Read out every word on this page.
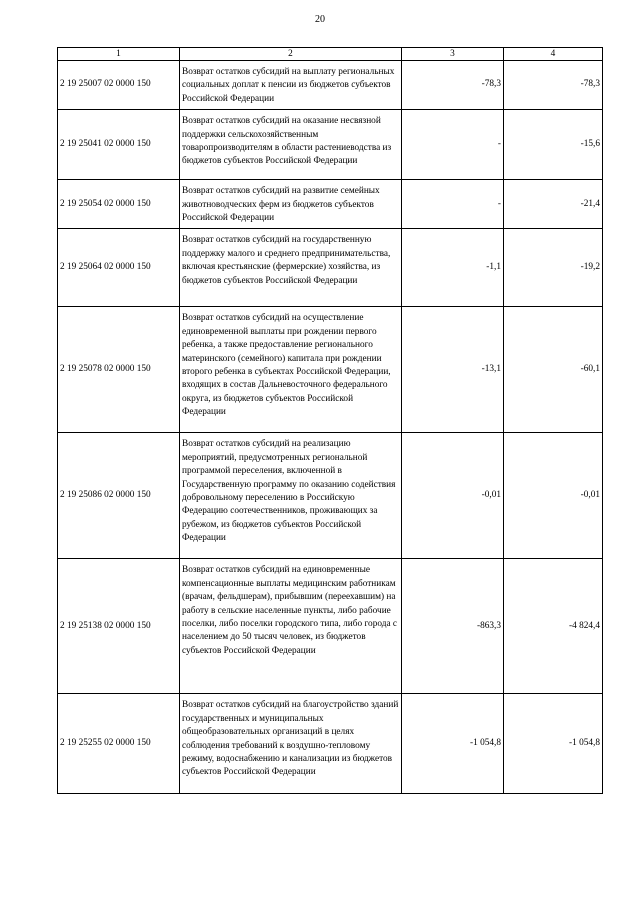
20
1	2	3	4
2 19 25007 02 0000 150	Возврат остатков субсидий на выплату региональных социальных доплат к пенсии из бюджетов субъектов Российской Федерации	-78,3	-78,3
2 19 25041 02 0000 150	Возврат остатков субсидий на оказание несвязной поддержки сельскохозяйственным товаропроизводителям в области растениеводства из бюджетов субъектов Российской Федерации	-	-15,6
2 19 25054 02 0000 150	Возврат остатков субсидий на развитие семейных животноводческих ферм из бюджетов субъектов Российской Федерации	-	-21,4
2 19 25064 02 0000 150	Возврат остатков субсидий на государственную поддержку малого и среднего предпринимательства, включая крестьянские (фермерские) хозяйства, из бюджетов субъектов Российской Федерации	-1,1	-19,2
2 19 25078 02 0000 150	Возврат остатков субсидий на осуществление единовременной выплаты при рождении первого ребенка, а также предоставление регионального материнского (семейного) капитала при рождении второго ребенка в субъектах Российской Федерации, входящих в состав Дальневосточного федерального округа, из бюджетов субъектов Российской Федерации	-13,1	-60,1
2 19 25086 02 0000 150	Возврат остатков субсидий на реализацию мероприятий, предусмотренных региональной программой переселения, включенной в Государственную программу по оказанию содействия добровольному переселению в Российскую Федерацию соотечественников, проживающих за рубежом, из бюджетов субъектов Российской Федерации	-0,01	-0,01
2 19 25138 02 0000 150	Возврат остатков субсидий на единовременные компенсационные выплаты медицинским работникам (врачам, фельдшерам), прибывшим (переехавшим) на работу в сельские населенные пункты, либо рабочие поселки, либо поселки городского типа, либо города с населением до 50 тысяч человек, из бюджетов субъектов Российской Федерации	-863,3	-4 824,4
2 19 25255 02 0000 150	Возврат остатков субсидий на благоустройство зданий государственных и муниципальных общеобразовательных организаций в целях соблюдения требований к воздушно-тепловому режиму, водоснабжению и канализации из бюджетов субъектов Российской Федерации	-1 054,8	-1 054,8
